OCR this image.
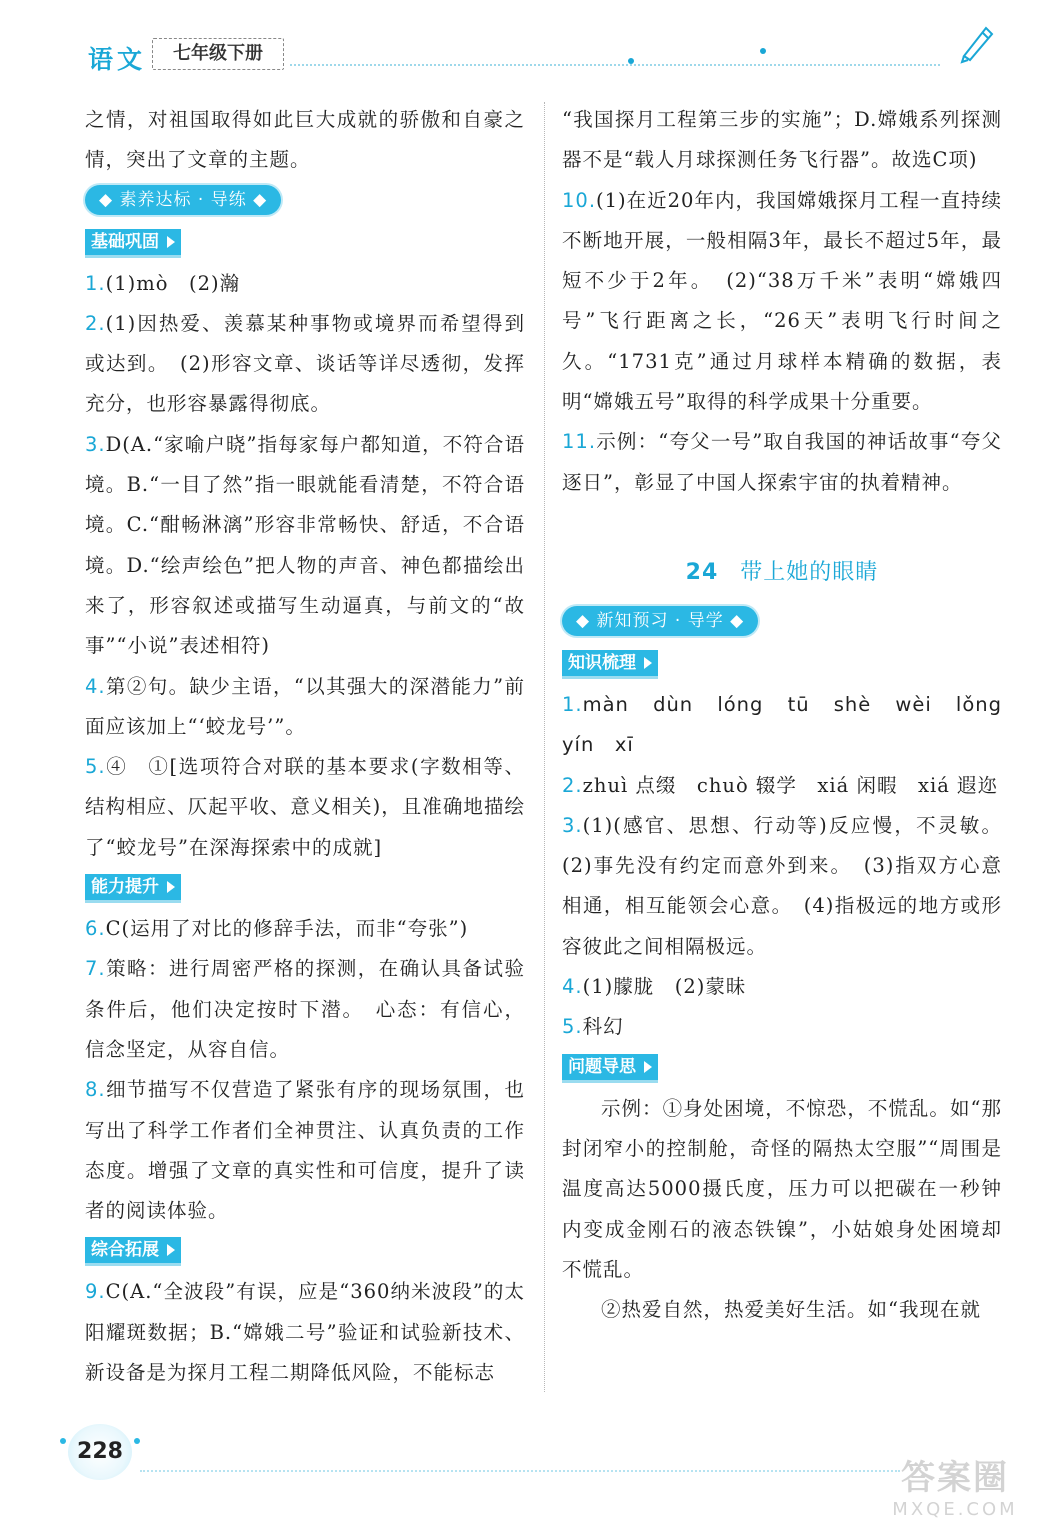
语文	七年级下册

之情，对祖国取得如此巨大成就的骄傲和自豪之情，突出了文章的主题。

◆ 素养达标 · 导练 ◆
基础巩固

1.(1)mò　(2)瀚

2.(1)因热爱、羡慕某种事物或境界而希望得到或达到。　(2)形容文章、谈话等详尽透彻，发挥充分，也形容暴露得彻底。

3.D(A.“家喻户晓”指每家每户都知道，不符合语境。B.“一目了然”指一眼就能看清楚，不符合语境。C.“酣畅淋漓”形容非常畅快、舒适，不合语境。D.“绘声绘色”把人物的声音、神色都描绘出来了，形容叙述或描写生动逼真，与前文的“故事”“小说”表述相符)

4.第②句。缺少主语，“以其强大的深潜能力”前面应该加上“‘蛟龙号’”。

5.④　①[选项符合对联的基本要求(字数相等、结构相应、仄起平收、意义相关)，且准确地描绘了“蛟龙号”在深海探索中的成就]

能力提升

6.C(运用了对比的修辞手法，而非“夸张”)

7.策略：进行周密严格的探测，在确认具备试验条件后，他们决定按时下潜。　心态：有信心，信念坚定，从容自信。

8.细节描写不仅营造了紧张有序的现场氛围，也写出了科学工作者们全神贯注、认真负责的工作态度。增强了文章的真实性和可信度，提升了读者的阅读体验。

综合拓展

9.C(A.“全波段”有误，应是“360纳米波段”的太阳耀斑数据；B.“嫦娥二号”验证和试验新技术、新设备是为探月工程二期降低风险，不能标志

“我国探月工程第三步的实施”；D.嫦娥系列探测器不是“载人月球探测任务飞行器”。故选C项)

10.(1)在近20年内，我国嫦娥探月工程一直持续不断地开展，一般相隔3年，最长不超过5年，最短不少于2年。　(2)“38万千米”表明“嫦娥四号”飞行距离之长，“26天”表明飞行时间之久。“1731克”通过月球样本精确的数据，表明“嫦娥五号”取得的科学成果十分重要。

11.示例：“夸父一号”取自我国的神话故事“夸父逐日”，彰显了中国人探索宇宙的执着精神。

24 带上她的眼睛
◆ 新知预习 · 导学 ◆
知识梳理

1.màn　dùn　lóng　tū　shè　wèi　lǒng　yín　xī

2.zhuì 点缀　chuò 辍学　xiá 闲暇　xiá 遐迩

3.(1)(感官、思想、行动等)反应慢，不灵敏。(2)事先没有约定而意外到来。　(3)指双方心意相通，相互能领会心意。　(4)指极远的地方或形容彼此之间相隔极远。

4.(1)朦胧　(2)蒙昧

5.科幻

问题导思

示例：①身处困境，不惊恐，不慌乱。如“那封闭窄小的控制舱，奇怪的隔热太空服”“周围是温度高达5000摄氏度，压力可以把碳在一秒钟内变成金刚石的液态铁镍”，小姑娘身处困境却不慌乱。

②热爱自然，热爱美好生活。如“我现在就

228
答案圈
MXQE.COM
